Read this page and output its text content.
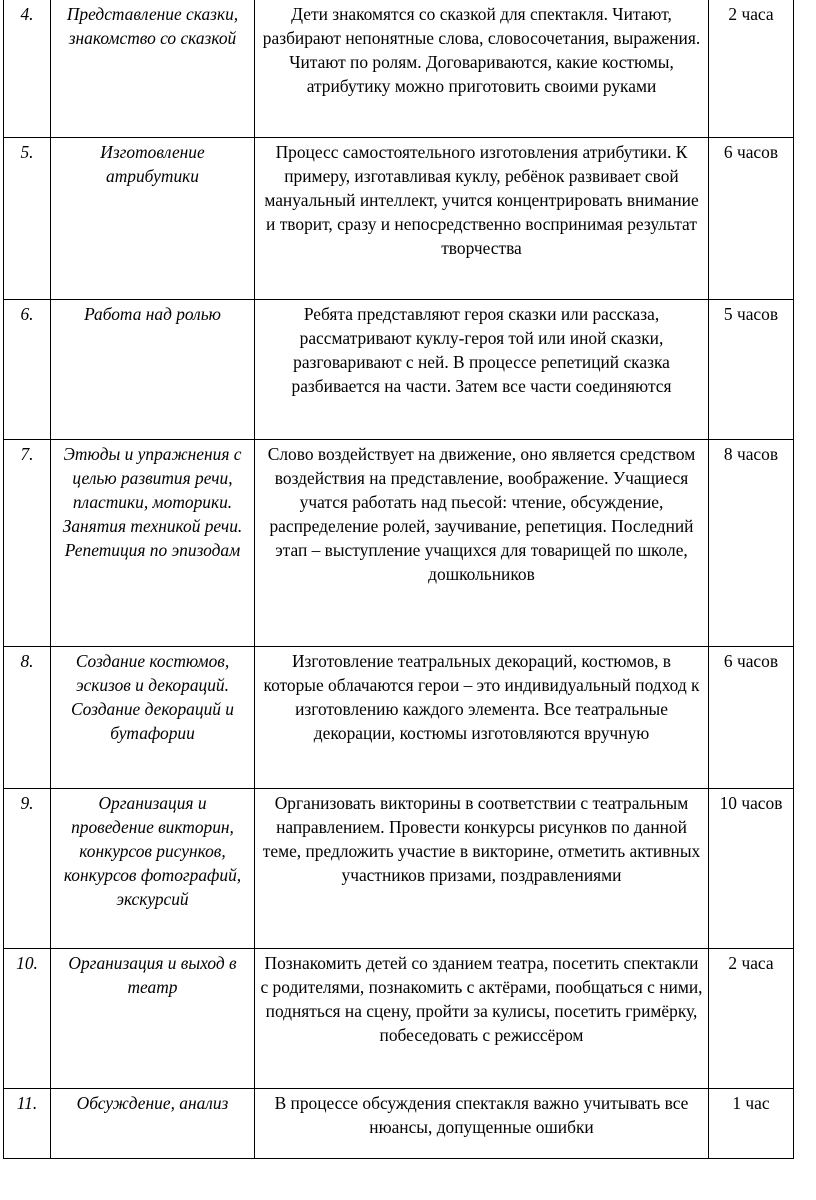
4.	Представление сказки, знакомство со сказкой	Дети знакомятся со сказкой для спектакля. Читают, разбирают непонятные слова, словосочетания, выражения. Читают по ролям. Договариваются, какие костюмы, атрибутику можно приготовить своими руками	2 часа
5.	Изготовление атрибутики	Процесс самостоятельного изготовления атрибутики. К примеру, изготавливая куклу, ребёнок развивает свой мануальный интеллект, учится концентрировать внимание и творит, сразу и непосредственно воспринимая результат творчества	6 часов
6.	Работа над ролью	Ребята представляют героя сказки или рассказа, рассматривают куклу-героя той или иной сказки, разговаривают с ней. В процессе репетиций сказка разбивается на части. Затем все части соединяются	5 часов
7.	Этюды и упражнения с целью развития речи, пластики, моторики. Занятия техникой речи. Репетиция по эпизодам	Слово воздействует на движение, оно является средством воздействия на представление, воображение. Учащиеся учатся работать над пьесой: чтение, обсуждение, распределение ролей, заучивание, репетиция. Последний этап – выступление учащихся для товарищей по школе, дошкольников	8 часов
8.	Создание костюмов, эскизов и декораций. Создание декораций и бутафории	Изготовление театральных декораций, костюмов, в которые облачаются герои – это индивидуальный подход к изготовлению каждого элемента. Все театральные декорации, костюмы изготовляются вручную	6 часов
9.	Организация и проведение викторин, конкурсов рисунков, конкурсов фотографий, экскурсий	Организовать викторины в соответствии с театральным направлением. Провести конкурсы рисунков по данной теме, предложить участие в викторине, отметить активных участников призами, поздравлениями	10 часов
10.	Организация и выход в театр	Познакомить детей со зданием театра, посетить спектакли с родителями, познакомить с актёрами, пообщаться с ними, подняться на сцену, пройти за кулисы, посетить гримёрку, побеседовать с режиссёром	2 часа
11.	Обсуждение, анализ	В процессе обсуждения спектакля важно учитывать все нюансы, допущенные ошибки	1 час
